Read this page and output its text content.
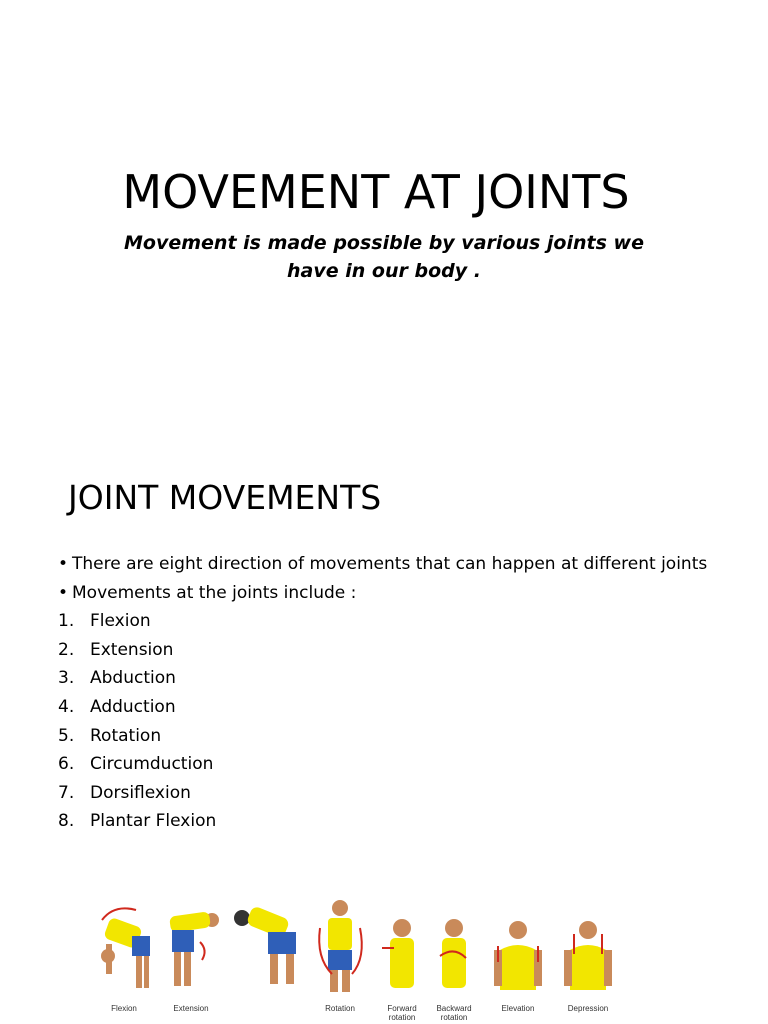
MOVEMENT AT JOINTS

Movement is made possible by various joints we have in our body .

JOINT MOVEMENTS
• There are eight direction of movements that can happen at different joints
• Movements at the joints include :
1. Flexion
2. Extension
3. Abduction
4. Adduction
5. Rotation
6. Circumduction
7. Dorsiflexion
8. Plantar Flexion
Flexion	Extension	Rotation	Forward rotation
Backward rotation
Elevation	Depression
